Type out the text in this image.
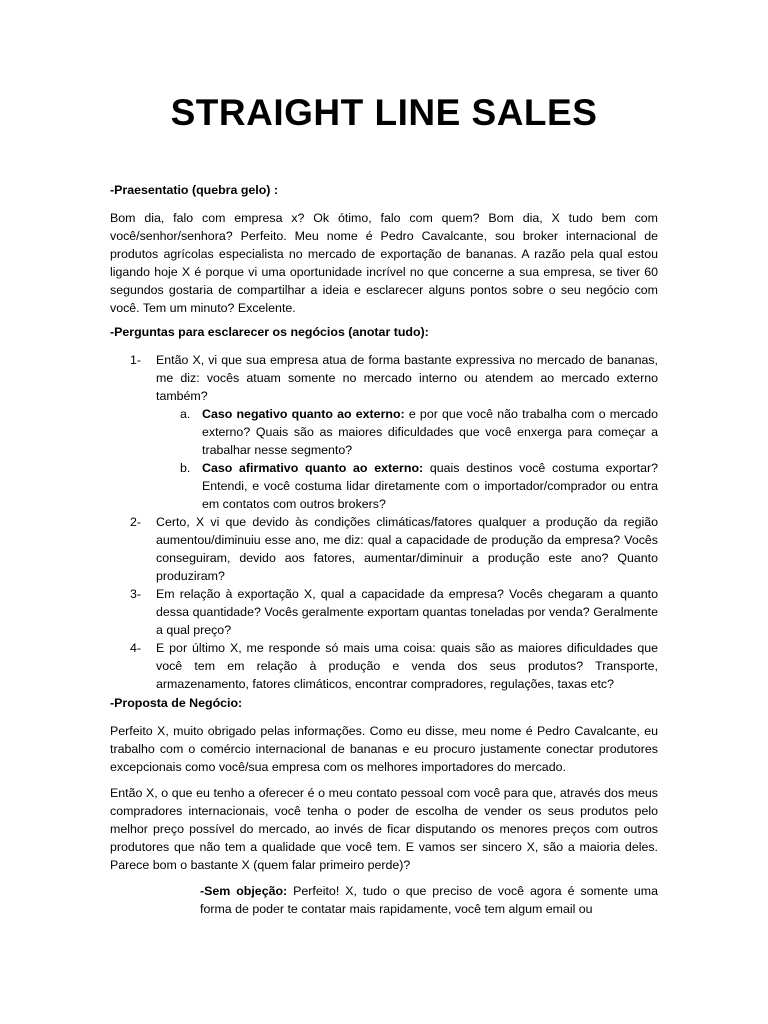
STRAIGHT LINE SALES

-Praesentatio (quebra gelo) :

Bom dia, falo com empresa x? Ok ótimo, falo com quem? Bom dia, X tudo bem com você/senhor/senhora? Perfeito. Meu nome é Pedro Cavalcante, sou broker internacional de produtos agrícolas especialista no mercado de exportação de bananas. A razão pela qual estou ligando hoje X é porque vi uma oportunidade incrível no que concerne a sua empresa, se tiver 60 segundos gostaria de compartilhar a ideia e esclarecer alguns pontos sobre o seu negócio com você. Tem um minuto? Excelente.

-Perguntas para esclarecer os negócios (anotar tudo):

1- Então X, vi que sua empresa atua de forma bastante expressiva no mercado de bananas, me diz: vocês atuam somente no mercado interno ou atendem ao mercado externo também?
a. Caso negativo quanto ao externo: e por que você não trabalha com o mercado externo? Quais são as maiores dificuldades que você enxerga para começar a trabalhar nesse segmento?
b. Caso afirmativo quanto ao externo: quais destinos você costuma exportar? Entendi, e você costuma lidar diretamente com o importador/comprador ou entra em contatos com outros brokers?
2- Certo, X vi que devido às condições climáticas/fatores qualquer a produção da região aumentou/diminuiu esse ano, me diz: qual a capacidade de produção da empresa? Vocês conseguiram, devido aos fatores, aumentar/diminuir a produção este ano? Quanto produziram?
3- Em relação à exportação X, qual a capacidade da empresa? Vocês chegaram a quanto dessa quantidade? Vocês geralmente exportam quantas toneladas por venda? Geralmente a qual preço?
4- E por último X, me responde só mais uma coisa: quais são as maiores dificuldades que você tem em relação à produção e venda dos seus produtos? Transporte, armazenamento, fatores climáticos, encontrar compradores, regulações, taxas etc?

-Proposta de Negócio:

Perfeito X, muito obrigado pelas informações. Como eu disse, meu nome é Pedro Cavalcante, eu trabalho com o comércio internacional de bananas e eu procuro justamente conectar produtores excepcionais como você/sua empresa com os melhores importadores do mercado.

Então X, o que eu tenho a oferecer é o meu contato pessoal com você para que, através dos meus compradores internacionais, você tenha o poder de escolha de vender os seus produtos pelo melhor preço possível do mercado, ao invés de ficar disputando os menores preços com outros produtores que não tem a qualidade que você tem. E vamos ser sincero X, são a maioria deles. Parece bom o bastante X (quem falar primeiro perde)?

-Sem objeção: Perfeito! X, tudo o que preciso de você agora é somente uma forma de poder te contatar mais rapidamente, você tem algum email ou
